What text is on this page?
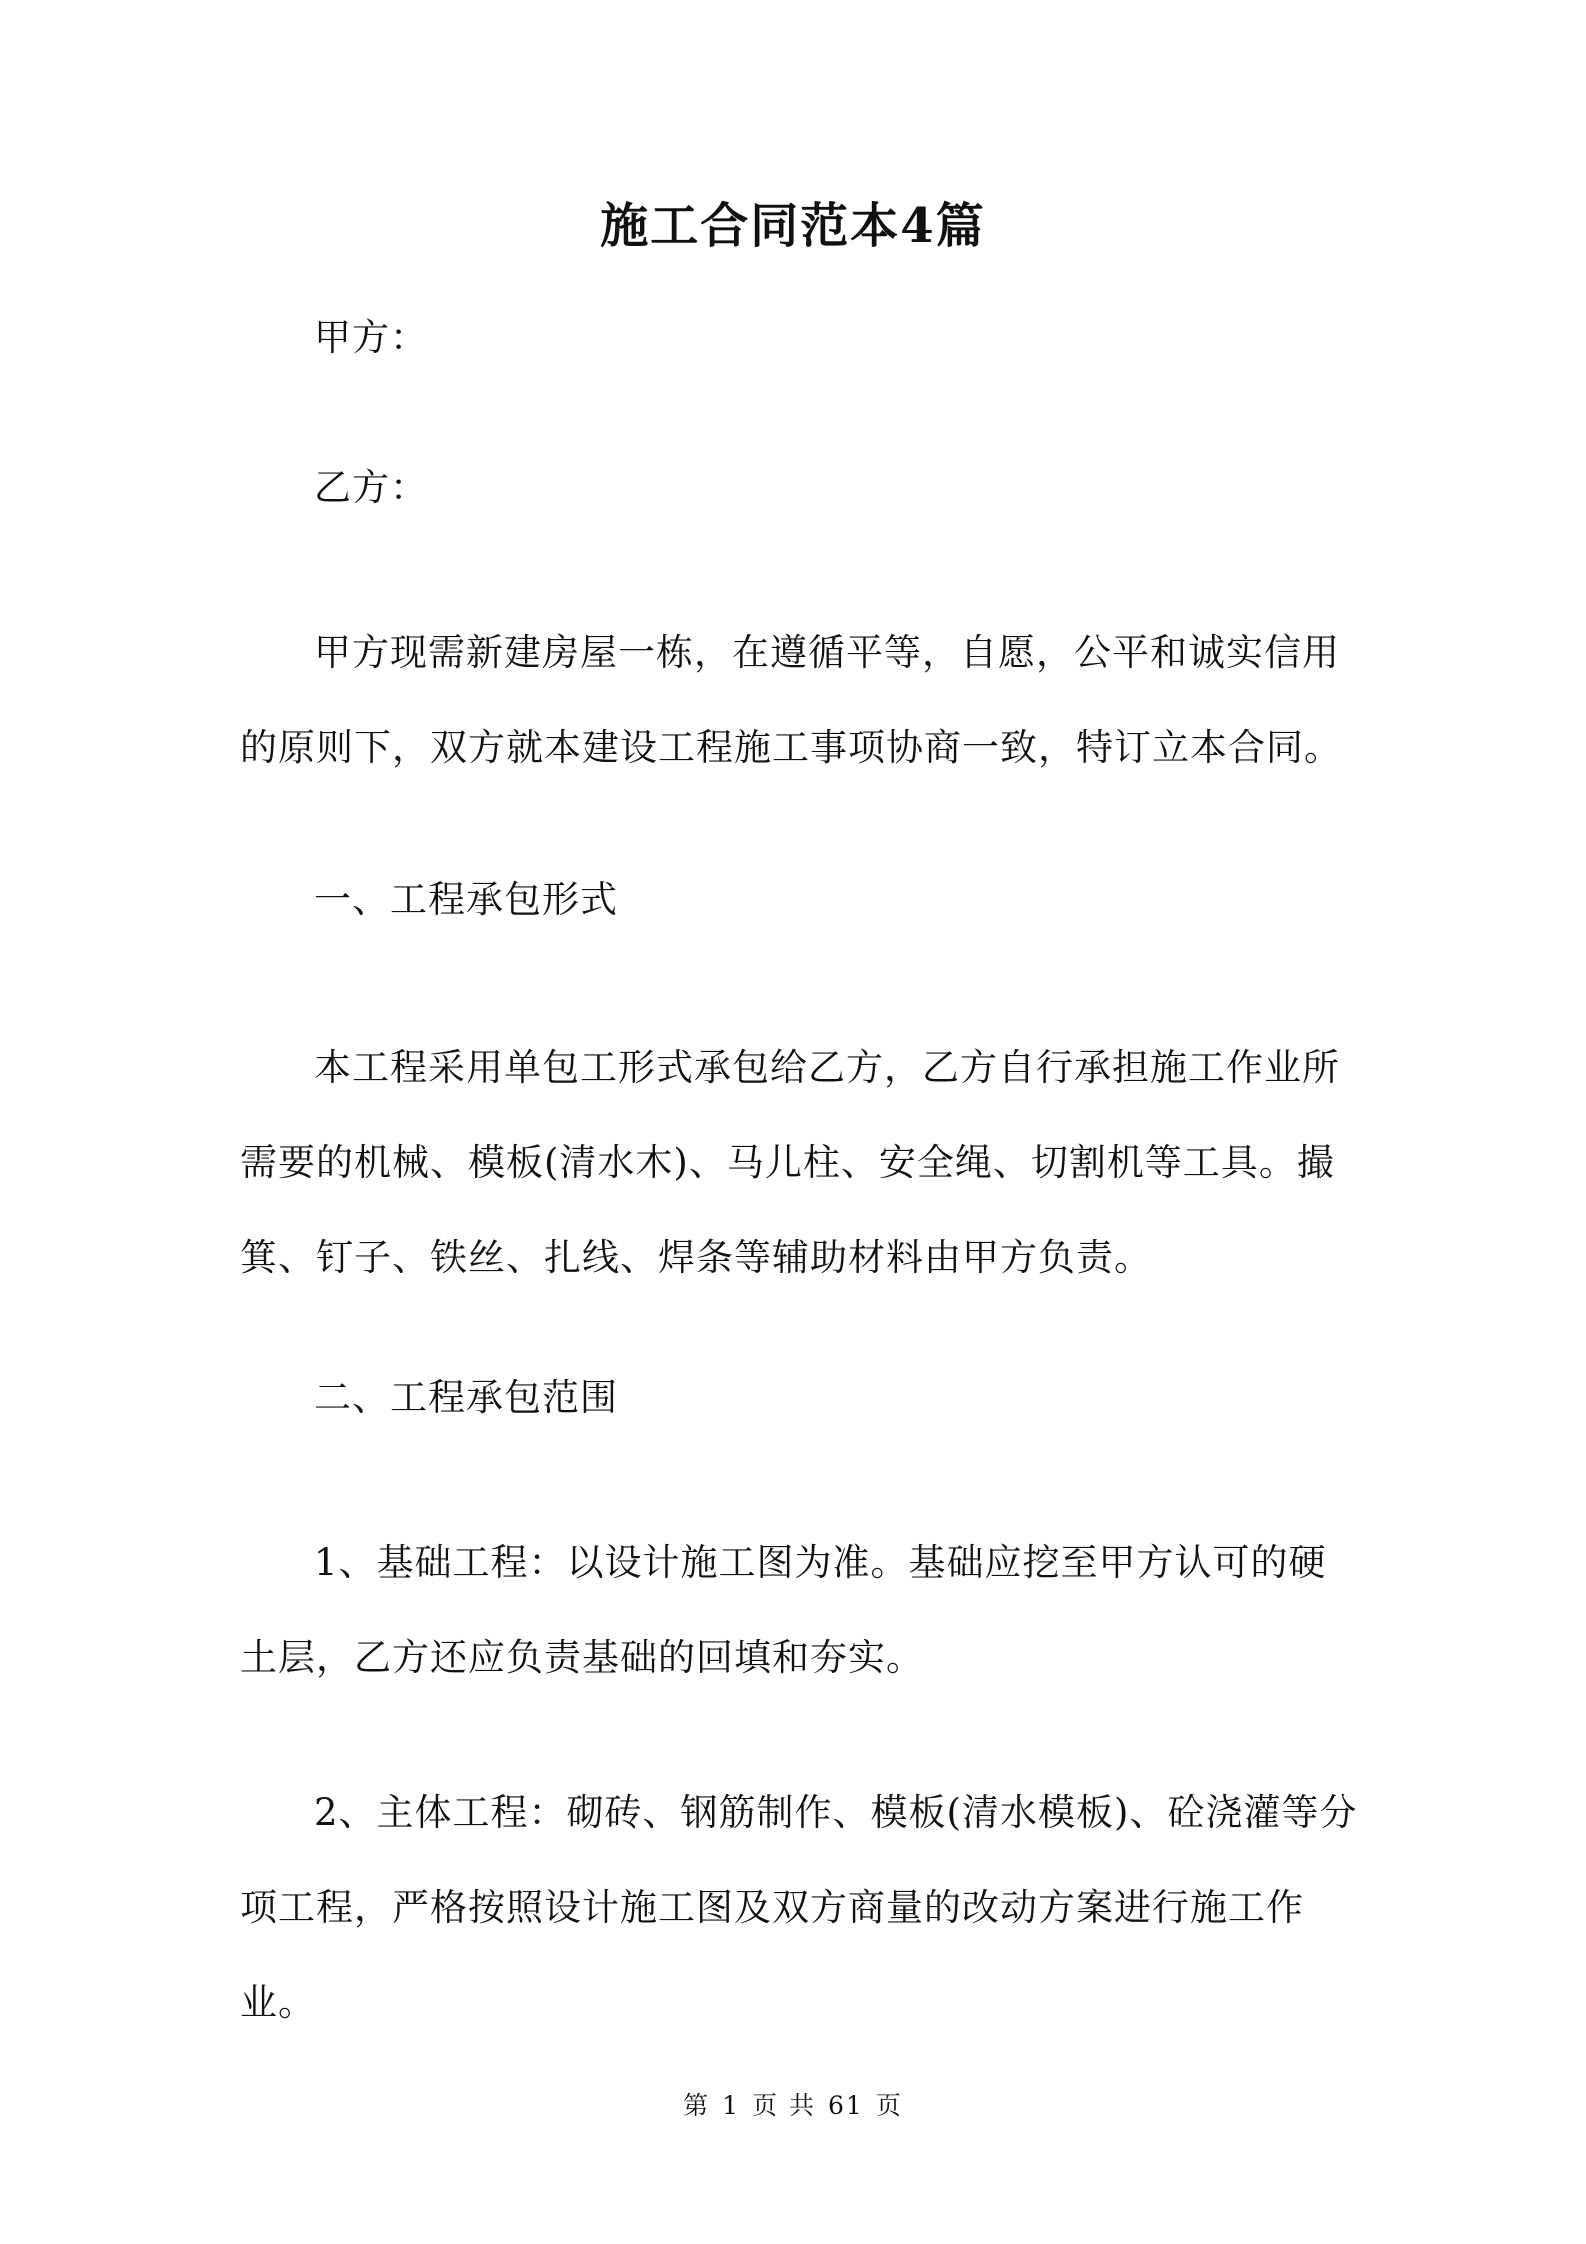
施工合同范本4篇
甲方：
乙方：
甲方现需新建房屋一栋，在遵循平等，自愿，公平和诚实信用的原则下，双方就本建设工程施工事项协商一致，特订立本合同。
一、工程承包形式
本工程采用单包工形式承包给乙方，乙方自行承担施工作业所需要的机械、模板(清水木)、马儿柱、安全绳、切割机等工具。撮箕、钉子、铁丝、扎线、焊条等辅助材料由甲方负责。
二、工程承包范围
1、基础工程：以设计施工图为准。基础应挖至甲方认可的硬土层，乙方还应负责基础的回填和夯实。
2、主体工程：砌砖、钢筋制作、模板(清水模板)、砼浇灌等分项工程，严格按照设计施工图及双方商量的改动方案进行施工作业。
第 1 页 共 61 页
